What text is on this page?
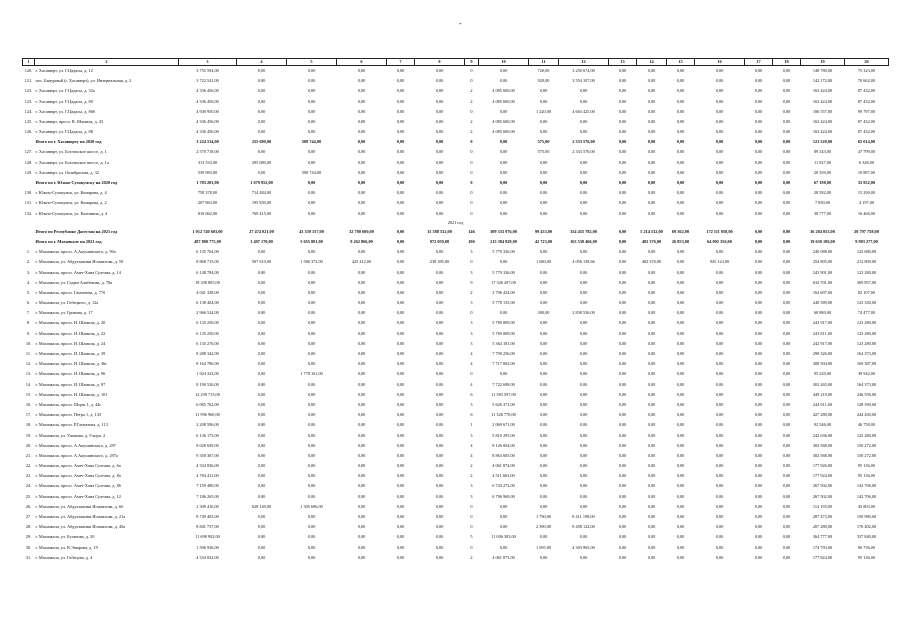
-
1	2	3	4	5	6	7	8	9	10	11	12	13	14	15	16	17	18	19	20
120.	г. Хасавюрт, ул. Г.Цадасы, д. 12	3 755 594,00	0,00	0,00	0,00	0,00	0,00	0	0,00	720,00	3 250 674,00	0,00	0,00	0,00	0,00	0,00	0,00	148 780,00	75 323,00
121.	пос. Бамурный (г. Хасавюрт), ул. Интернальная, д. 2	3 722 541,00	0,00	0,00	0,00	0,00	0,00	0	0,00	920,00	3 554 107,00	0,00	0,00	0,00	0,00	0,00	0,00	142 172,00	70 662,00
123.	г. Хасавюрт, ул. Г.Цадасы, д. 32а	4 336 456,00	0,00	0,00	0,00	0,00	0,00	2	4 085 600,00	0,00	0,00	0,00	0,00	0,00	0,00	0,00	0,00	163 424,00	87 432,00
123.	г. Хасавюрт, ул. Г.Цадасы, д. 80	4 336 456,00	0,00	0,00	0,00	0,00	0,00	2	4 085 600,00	0,00	0,00	0,00	0,00	0,00	0,00	0,00	0,00	163 424,00	87 432,00
124.	г. Хасавюрт, ул. Г.Цадасы, д. 86б	4 949 950,00	0,00	0,00	0,00	0,00	0,00	0	0,00	1 220,00	4 663 425,00	0,00	0,00	0,00	0,00	0,00	0,00	186 557,00	99 797,00
125.	г. Хасавюрт, просп. В. Шамиля, д. 43	4 336 456,00	0,00	0,00	0,00	0,00	0,00	2	4 085 600,00	0,00	0,00	0,00	0,00	0,00	0,00	0,00	0,00	163 424,00	87 432,00
126.	г. Хасавюрт, ул. Г.Цадасы, д. 88	4 336 456,00	0,00	0,00	0,00	0,00	0,00	2	4 085 600,00	0,00	0,00	0,00	0,00	0,00	0,00	0,00	0,00	163 424,00	87 432,00
	Итого по г. Хасавюрту на 2020 год	3 224 534,00	255 680,00	508 744,00	0,00	0,00	0,00	0	0,00	575,00	2 333 576,00	0,00	0,00	0,00	0,00	0,00	0,00	121 520,00	65 014,00
127.	г. Хасавюрт, ул. Ботлихское шоссе, д. 1	2 570 718,00	0,00	0,00	0,00	0,00	0,00	0	0,00	575,00	2 333 576,00	0,00	0,00	0,00	0,00	0,00	0,00	89 343,00	47 799,00
128.	г. Хасавюрт, ул. Ботлихское шоссе, д. 1а	313 533,00	295 680,00	0,00	0,00	0,00	0,00	0	0,00	0,00	0,00	0,00	0,00	0,00	0,00	0,00	0,00	11 827,00	6 328,00
129.	г. Хасавюрт, ул. Октябрьская, д. 32	539 983,00	0,00	508 744,00	0,00	0,00	0,00	0	0,00	0,00	0,00	0,00	0,00	0,00	0,00	0,00	0,00	20 350,00	10 887,00
	Итого по г. Южно-Сухокумску на 2020 год	1 783 203,00	1 679 952,00	0,00	0,00	0,00	0,00	0	0,00	0,00	0,00	0,00	0,00	0,00	0,00	0,00	0,00	67 198,00	35 952,00
130.	г. Южно-Сухокумск, ул. Комарова, д. 4	758 378,00	714 484,00	0,00	0,00	0,00	0,00	0	0,00	0,00	0,00	0,00	0,00	0,00	0,00	0,00	0,00	28 582,00	15 290,00
131.	г. Южно-Сухокумск, ул. Комарова, д. 2	207 863,00	195 830,00	0,00	0,00	0,00	0,00	0	0,00	0,00	0,00	0,00	0,00	0,00	0,00	0,00	0,00	7 830,00	4 197,00
132.	г. Южно-Сухокумск, ул. Калинина, д. 4	816 062,00	769 415,00	0,00	0,00	0,00	0,00	0	0,00	0,00	0,00	0,00	0,00	0,00	0,00	0,00	0,00	30 777,00	16 466,00
2021 год																			
	Итого по Республике Дагестан на 2021 год	1 012 740 603,00	27 474 021,00	43 339 157,00	32 780 600,00	0,00	15 588 532,00	146	309 333 976,00	99 433,00	354 455 782,00	0,00	5 214 532,00	69 362,00	172 111 058,00	0,00	0,00	36 284 053,00	20 797 758,00
	Итого по г. Махачкале на 2021 год	487 800 775,00	3 497 170,00	5 655 801,00	9 262 866,00	0,00	972 059,00	106	215 384 929,00	42 723,00	163 538 466,00	0,00	482 376,00	26 853,00	64 092 356,00	0,00	0,00	19 630 186,00	9 983 277,00
1.	г. Махачкала, просп. А.Акушинского, д. 90а	6 135 764,00	0,00	0,00	0,00	0,00	0,00	3	5 779 336,00	0,00	0,00	0,00	0,00	0,00	0,00	0,00	0,00	240 088,00	123 680,00
2.	г. Махачкала, ул. Абдулхакима Исмаилова, д. 50	8 868 715,00	567 619,00	1 586 372,00	425 412,00	0,00	238 385,00	0	0,00	1 680,00	4 056 138,66	0,00	482 376,00	0,00	945 123,00	0,00	0,00	254 805,00	212 809,00
3.	г. Махачкала, просп. Амет-Хана Султана, д. 14	6 148 784,00	0,00	0,00	0,00	0,00	0,00	3	5 779 336,00	0,00	0,00	0,00	0,00	0,00	0,00	0,00	0,00	243 901,00	123 280,00
4.	г. Махачкала, ул. Гаджи Алибекова, д. 78а	18 338 805,00	0,00	0,00	0,00	0,00	0,00	9	17 326 207,00	0,00	0,00	0,00	0,00	0,00	0,00	0,00	0,00	632 701,00	369 857,00
5.	г. Махачкала, просп. Гамзатова, д. 77б	4 041 338,00	0,00	0,00	0,00	0,00	0,00	2	3 796 434,00	0,00	0,00	0,00	0,00	0,00	0,00	0,00	0,00	162 607,00	82 107,00
6.	г. Махачкала, ул. Гобецкого, д. 12а	6 138 404,00	0,00	0,00	0,00	0,00	0,00	3	5 778 135,00	0,00	0,00	0,00	0,00	0,00	0,00	0,00	0,00	240 589,00	123 330,00
7.	г. Махачкала, ул. Гривова, д. 17	2 966 524,00	0,00	0,00	0,00	0,00	0,00	0	0,00	300,00	2 838 536,00	0,00	0,00	0,00	0,00	0,00	0,00	60 880,00	74 477,00
8.	г. Махачкала, просп. И. Шамиля, д. 20	6 135 256,00	0,00	0,00	0,00	0,00	0,00	3	5 769 009,00	0,00	0,00	0,00	0,00	0,00	0,00	0,00	0,00	242 917,00	123 280,00
9.	г. Махачкала, просп. И. Шамиля, д. 22	6 135 250,00	0,00	0,00	0,00	0,00	0,00	3	5 769 009,00	0,00	0,00	0,00	0,00	0,00	0,00	0,00	0,00	243 811,00	123 280,00
10.	г. Махачкала, просп. И. Шамиля, д. 24	6 135 276,00	0,00	0,00	0,00	0,00	0,00	3	5 364 181,00	0,00	0,00	0,00	0,00	0,00	0,00	0,00	0,00	242 917,00	123 280,00
11.	г. Махачкала, просп. И. Шамиля, д. 39	8 288 342,00	0,00	0,00	0,00	0,00	0,00	4	7 790 256,00	0,00	0,00	0,00	0,00	0,00	0,00	0,00	0,00	298 326,00	164 373,00
12.	г. Махачкала, просп. И. Шамиля, д. 46г	8 164 786,00	0,00	0,00	0,00	0,00	0,00	4	7 717 002,00	0,00	0,00	0,00	0,00	0,00	0,00	0,00	0,00	308 504,00	169 387,00
13.	г. Махачкала, просп. И. Шамиля, д. 96	1 924 323,00	0,00	1 778 161,00	0,00	0,00	0,00	0	0,00	0,00	0,00	0,00	0,00	0,00	0,00	0,00	0,00	95 220,00	39 942,00
14.	г. Махачкала, просп. И. Шамиля, д. 97	8 190 526,00	0,00	0,00	0,00	0,00	0,00	4	7 722 698,00	0,00	0,00	0,00	0,00	0,00	0,00	0,00	0,00	303 265,00	164 373,00
15.	г. Махачкала, просп. И. Шамиля, д. 101	12 239 715,00	0,00	0,00	0,00	0,00	0,00	6	11 583 597,00	0,00	0,00	0,00	0,00	0,00	0,00	0,00	0,00	449 219,00	246 559,00
16.	г. Махачкала, просп. Шоры 1, д. 44г	6 065 762,00	0,00	0,00	0,00	0,00	0,00	3	5 626 371,00	0,00	0,00	0,00	0,00	0,00	0,00	0,00	0,00	244 911,00	128 390,00
17.	г. Махачкала, просп. Петра 1, д. 133	11 996 960,00	0,00	0,00	0,00	0,00	0,00	6	11 326 770,00	0,00	0,00	0,00	0,00	0,00	0,00	0,00	0,00	427 280,00	244 430,00
18.	г. Махачкала, просп. Р.Гамзатова, д. 113	2 208 596,00	0,00	0,00	0,00	0,00	0,00	1	2 069 671,00	0,00	0,00	0,00	0,00	0,00	0,00	0,00	0,00	92 546,00	46 758,00
19.	г. Махачкала, ул. Ушакова, д. 9 корп. 2	6 136 175,00	0,00	0,00	0,00	0,00	0,00	3	5 810 295,00	0,00	0,00	0,00	0,00	0,00	0,00	0,00	0,00	242 636,00	123 280,00
20.	г. Махачкала, просп. А.Акушинского, д. 297	8 028 639,00	0,00	0,00	0,00	0,00	0,00	4	8 126 004,00	0,00	0,00	0,00	0,00	0,00	0,00	0,00	0,00	302 568,00	150 272,00
21.	г. Махачкала, просп. А.Акушинского, д. 297а	9 350 367,00	0,00	0,00	0,00	0,00	0,00	4	8 863 605,00	0,00	0,00	0,00	0,00	0,00	0,00	0,00	0,00	302 568,00	150 272,00
22.	г. Махачкала, просп. Амет-Хана Султана, д. 6а	4 334 836,00	0,00	0,00	0,00	0,00	0,00	2	4 061 874,00	0,00	0,00	0,00	0,00	0,00	0,00	0,00	0,00	177 926,00	95 136,00
23.	г. Махачкала, просп. Амет-Хана Султана, д. 8а	4 784 411,00	0,00	0,00	0,00	0,00	0,00	2	4 511 663,00	0,00	0,00	0,00	0,00	0,00	0,00	0,00	0,00	177 924,00	95 136,00
24.	г. Махачкала, просп. Амет-Хана Султана, д. 86	7 159 480,00	0,00	0,00	0,00	0,00	0,00	3	6 743 272,00	0,00	0,00	0,00	0,00	0,00	0,00	0,00	0,00	267 502,00	142 706,00
25.	г. Махачкала, просп. Амет-Хана Султана, д. 12	7 186 265,00	0,00	0,00	0,00	0,00	0,00	3	6 796 969,00	0,00	0,00	0,00	0,00	0,00	0,00	0,00	0,00	267 502,00	142 706,00
26.	г. Махачкала, ул. Абдулхакима Исмаилова, д. 6б	2 309 410,00	628 149,00	1 305 696,00	0,00	0,00	0,00	0	0,00	0,00	0,00	0,00	0,00	0,00	0,00	0,00	0,00	114 195,00	45 803,00
27.	г. Махачкала, ул. Абдулхакима Исмаилова, д. 21а	8 749 403,00	0,00	0,00	0,00	0,00	0,00	0	0,00	1 790,00	8 411 198,00	0,00	0,00	0,00	0,00	0,00	0,00	287 473,00	150 980,00
28.	г. Махачкала, ул. Абдулхакима Исмаилова, д. 40а	8 841 737,00	0,00	0,00	0,00	0,00	0,00	0	0,00	2 390,00	8 458 122,00	0,00	0,00	0,00	0,00	0,00	0,00	207 280,00	176 402,00
29.	г. Махачкала, ул. Буганова, д. 20	11 698 902,00	0,00	0,00	0,00	0,00	0,00	5	11 006 383,00	0,00	0,00	0,00	0,00	0,00	0,00	0,00	0,00	364 777,00	337 840,00
30.	г. Махачкала, ул. В.Эмирова, д. 19	1 506 936,00	0,00	0,00	0,00	0,00	0,00	0	0,00	1 095,00	4 303 965,00	0,00	0,00	0,00	0,00	0,00	0,00	174 793,00	90 736,00
31.	г. Махачкала, ул. Гобецова, д. 4	4 334 832,00	0,00	0,00	0,00	0,00	0,00	2	4 061 875,00	0,00	0,00	0,00	0,00	0,00	0,00	0,00	0,00	177 824,00	95 136,00
